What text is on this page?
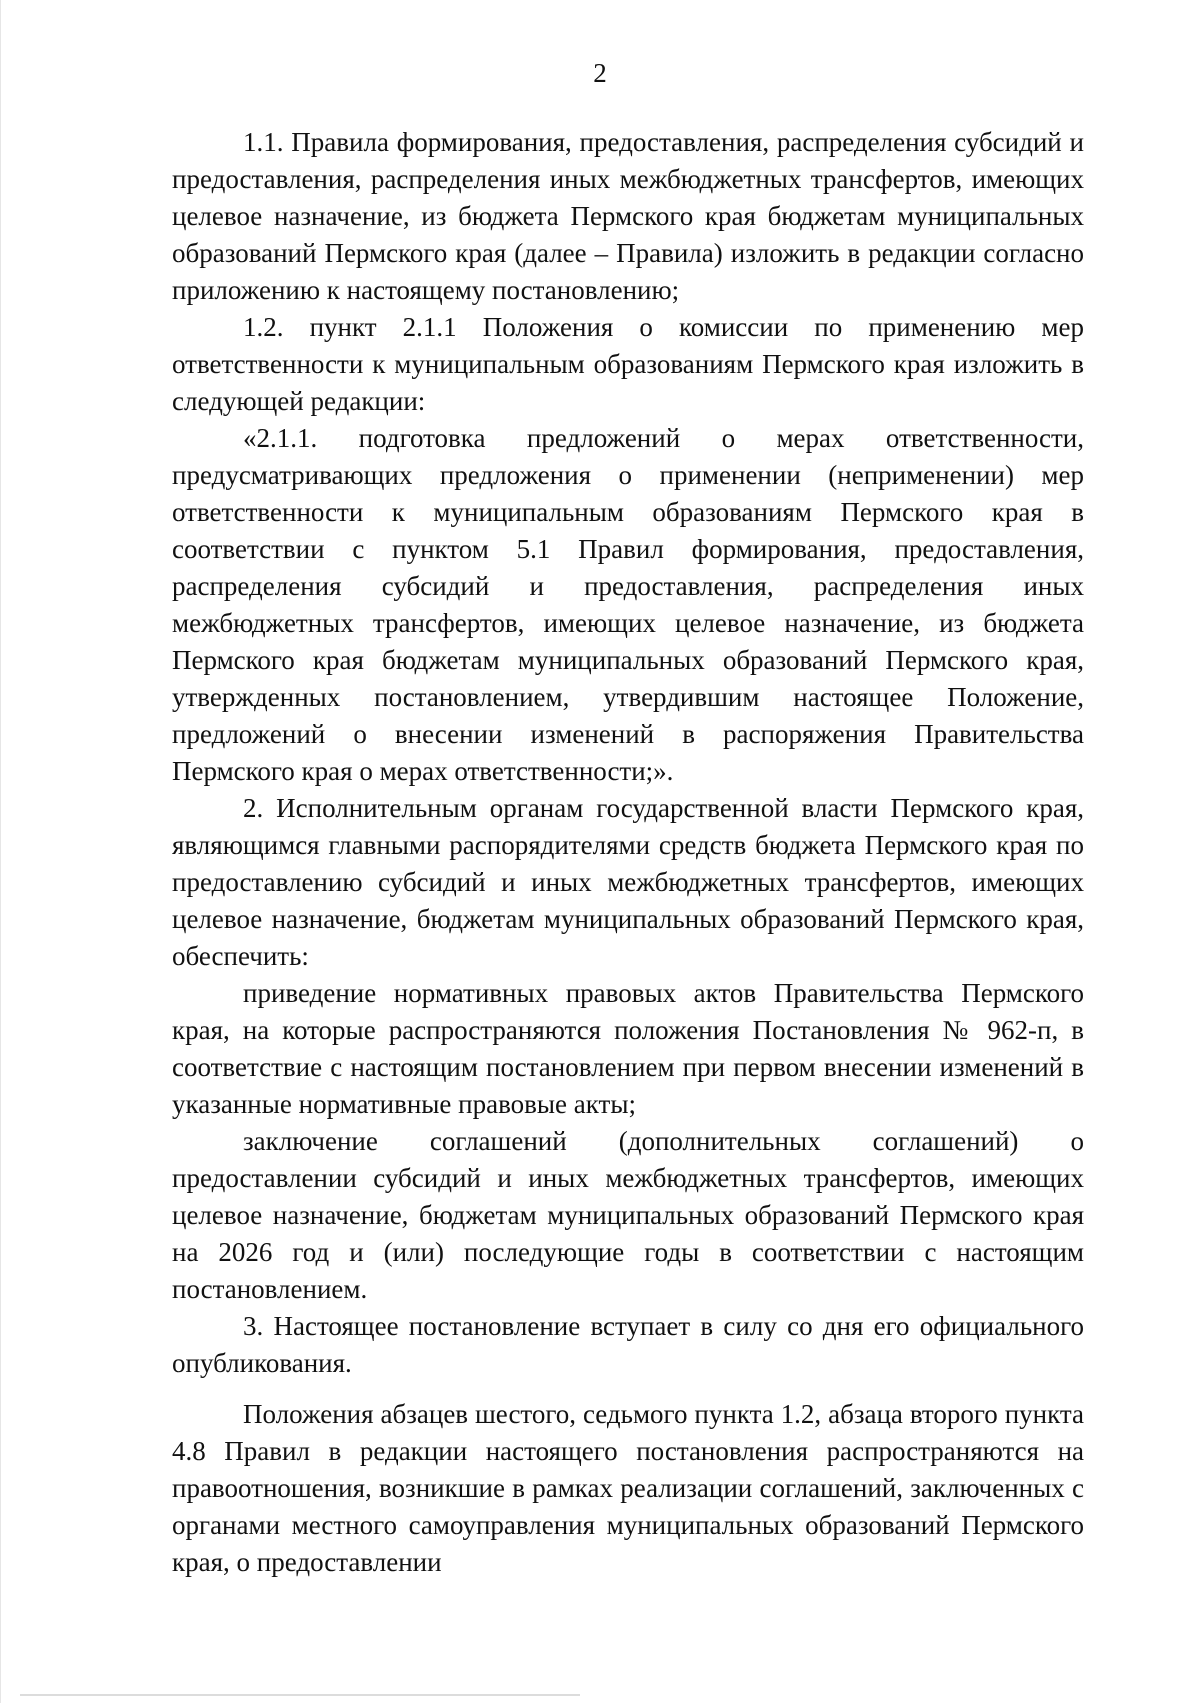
2

1.1. Правила формирования, предоставления, распределения субсидий и предоставления, распределения иных межбюджетных трансфертов, имеющих целевое назначение, из бюджета Пермского края бюджетам муниципальных образований Пермского края (далее – Правила) изложить в редакции согласно приложению к настоящему постановлению;

1.2. пункт 2.1.1 Положения о комиссии по применению мер ответственности к муниципальным образованиям Пермского края изложить в следующей редакции:

«2.1.1. подготовка предложений о мерах ответственности, предусматривающих предложения о применении (неприменении) мер ответственности к муниципальным образованиям Пермского края в соответствии с пунктом 5.1 Правил формирования, предоставления, распределения субсидий и предоставления, распределения иных межбюджетных трансфертов, имеющих целевое назначение, из бюджета Пермского края бюджетам муниципальных образований Пермского края, утвержденных постановлением, утвердившим настоящее Положение, предложений о внесении изменений в распоряжения Правительства Пермского края о мерах ответственности;».

2. Исполнительным органам государственной власти Пермского края, являющимся главными распорядителями средств бюджета Пермского края по предоставлению субсидий и иных межбюджетных трансфертов, имеющих целевое назначение, бюджетам муниципальных образований Пермского края, обеспечить:

приведение нормативных правовых актов Правительства Пермского края, на которые распространяются положения Постановления № 962-п, в соответствие с настоящим постановлением при первом внесении изменений в указанные нормативные правовые акты;

заключение соглашений (дополнительных соглашений) о предоставлении субсидий и иных межбюджетных трансфертов, имеющих целевое назначение, бюджетам муниципальных образований Пермского края на 2026 год и (или) последующие годы в соответствии с настоящим постановлением.

3. Настоящее постановление вступает в силу со дня его официального опубликования.

Положения абзацев шестого, седьмого пункта 1.2, абзаца второго пункта 4.8 Правил в редакции настоящего постановления распространяются на правоотношения, возникшие в рамках реализации соглашений, заключенных с органами местного самоуправления муниципальных образований Пермского края, о предоставлении
